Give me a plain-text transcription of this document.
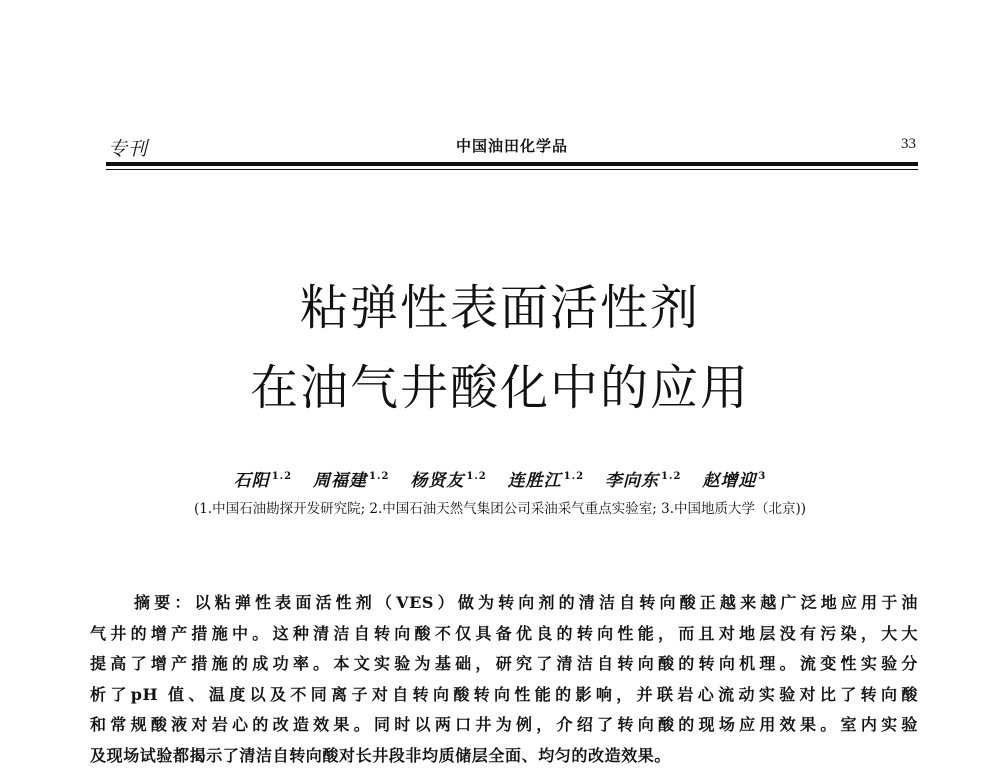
专刊	中国油田化学品	33
粘弹性表面活性剂
在油气井酸化中的应用
石阳 $^{1.2}$ 周福建 $^{1.2}$ 杨贤友 $^{1.2}$ 连胜江 $^{1.2}$ 李向东 $^{1.2}$ 赵增迎 $^3$
(1.中国石油勘探开发研究院; 2.中国石油天然气集团公司采油采气重点实验室; 3.中国地质大学（北京))
摘要：以粘弹性表面活性剂（VES）做为转向剂的清洁自转向酸正越来越广泛地应用于油
气井的增产措施中。这种清洁自转向酸不仅具备优良的转向性能，而且对地层没有污染，大大
提高了增产措施的成功率。本文实验为基础，研究了清洁自转向酸的转向机理。流变性实验分
析了pH 值、温度以及不同离子对自转向酸转向性能的影响，并联岩心流动实验对比了转向酸
和常规酸液对岩心的改造效果。同时以两口井为例，介绍了转向酸的现场应用效果。室内实验
及现场试验都揭示了清洁自转向酸对长井段非均质储层全面、均匀的改造效果。
